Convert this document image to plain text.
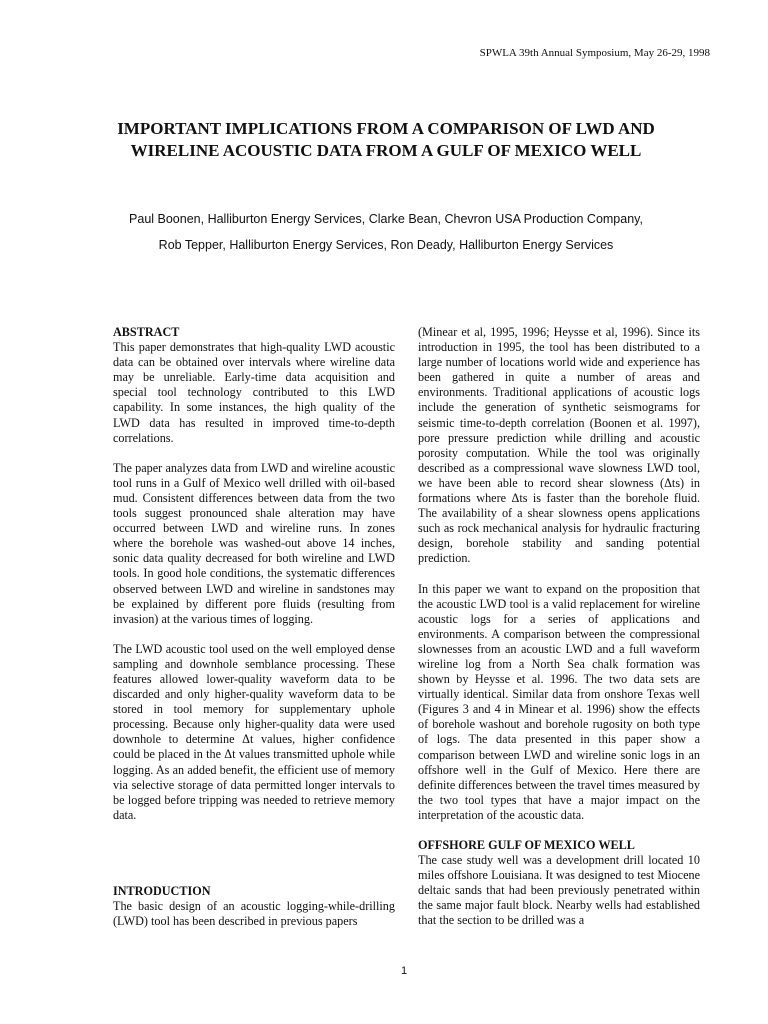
SPWLA 39th Annual Symposium, May 26-29, 1998
IMPORTANT IMPLICATIONS FROM A COMPARISON OF LWD AND
WIRELINE ACOUSTIC DATA FROM A GULF OF MEXICO WELL
Paul Boonen, Halliburton Energy Services, Clarke Bean, Chevron USA Production Company,
Rob Tepper, Halliburton Energy Services, Ron Deady, Halliburton Energy Services
ABSTRACT

This paper demonstrates that high-quality LWD acoustic data can be obtained over intervals where wireline data may be unreliable. Early-time data acquisition and special tool technology contributed to this LWD capability. In some instances, the high quality of the LWD data has resulted in improved time-to-depth correlations.

The paper analyzes data from LWD and wireline acoustic tool runs in a Gulf of Mexico well drilled with oil-based mud. Consistent differences between data from the two tools suggest pronounced shale alteration may have occurred between LWD and wireline runs. In zones where the borehole was washed-out above 14 inches, sonic data quality decreased for both wireline and LWD tools. In good hole conditions, the systematic differences observed between LWD and wireline in sandstones may be explained by different pore fluids (resulting from invasion) at the various times of logging.

The LWD acoustic tool used on the well employed dense sampling and downhole semblance processing. These features allowed lower-quality waveform data to be discarded and only higher-quality waveform data to be stored in tool memory for supplementary uphole processing. Because only higher-quality data were used downhole to determine Δt values, higher confidence could be placed in the Δt values transmitted uphole while logging. As an added benefit, the efficient use of memory via selective storage of data permitted longer intervals to be logged before tripping was needed to retrieve memory data.

INTRODUCTION

The basic design of an acoustic logging-while-drilling (LWD) tool has been described in previous papers

(Minear et al, 1995, 1996; Heysse et al, 1996). Since its introduction in 1995, the tool has been distributed to a large number of locations world wide and experience has been gathered in quite a number of areas and environments. Traditional applications of acoustic logs include the generation of synthetic seismograms for seismic time-to-depth correlation (Boonen et al. 1997), pore pressure prediction while drilling and acoustic porosity computation. While the tool was originally described as a compressional wave slowness LWD tool, we have been able to record shear slowness (Δts) in formations where Δts is faster than the borehole fluid. The availability of a shear slowness opens applications such as rock mechanical analysis for hydraulic fracturing design, borehole stability and sanding potential prediction.

In this paper we want to expand on the proposition that the acoustic LWD tool is a valid replacement for wireline acoustic logs for a series of applications and environments. A comparison between the compressional slownesses from an acoustic LWD and a full waveform wireline log from a North Sea chalk formation was shown by Heysse et al. 1996. The two data sets are virtually identical. Similar data from onshore Texas well (Figures 3 and 4 in Minear et al. 1996) show the effects of borehole washout and borehole rugosity on both type of logs. The data presented in this paper show a comparison between LWD and wireline sonic logs in an offshore well in the Gulf of Mexico. Here there are definite differences between the travel times measured by the two tool types that have a major impact on the interpretation of the acoustic data.

OFFSHORE GULF OF MEXICO WELL

The case study well was a development drill located 10 miles offshore Louisiana. It was designed to test Miocene deltaic sands that had been previously penetrated within the same major fault block. Nearby wells had established that the section to be drilled was a

1
